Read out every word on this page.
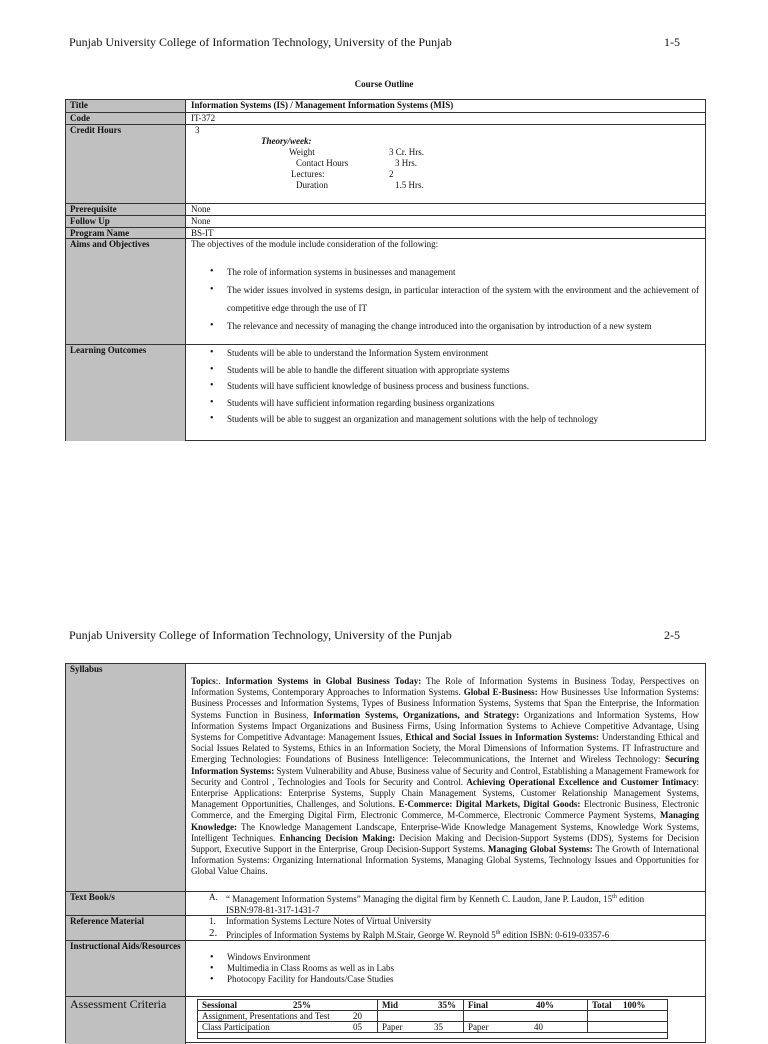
Punjab University College of Information Technology, University of the Punjab	1-5
Course Outline
Title	Information Systems (IS) / Management Information Systems (MIS)
Code	IT-372
Credit Hours	3
Theory/week:
Weight	3 Cr. Hrs.
Contact Hours	3 Hrs.
Lectures:	2
Duration	1.5 Hrs.
Prerequisite	None
Follow Up	None
Program Name	BS-IT
Aims and Objectives	The objectives of the module include consideration of the following:
• The role of information systems in businesses and management
• The wider issues involved in systems design, in particular interaction of the system with the environment and the achievement of competitive edge through the use of IT
• The relevance and necessity of managing the change introduced into the organisation by introduction of a new system
Learning Outcomes	• Students will be able to understand the Information System environment
• Students will be able to handle the different situation with appropriate systems
• Students will have sufficient knowledge of business process and business functions.
• Students will have sufficient information regarding business organizations
• Students will be able to suggest an organization and management solutions with the help of technology
Punjab University College of Information Technology, University of the Punjab	2-5
Syllabus
Topics:. Information Systems in Global Business Today: The Role of Information Systems in Business Today, Perspectives on Information Systems, Contemporary Approaches to Information Systems. Global E-Business: How Businesses Use Information Systems: Business Processes and Information Systems, Types of Business Information Systems, Systems that Span the Enterprise, the Information Systems Function in Business, Information Systems, Organizations, and Strategy: Organizations and Information Systems, How Information Systems Impact Organizations and Business Firms, Using Information Systems to Achieve Competitive Advantage, Using Systems for Competitive Advantage: Management Issues, Ethical and Social Issues in Information Systems: Understanding Ethical and Social Issues Related to Systems, Ethics in an Information Society, the Moral Dimensions of Information Systems. IT Infrastructure and Emerging Technologies: Foundations of Business Intelligence: Telecommunications, the Internet and Wireless Technology: Securing Information Systems: System Vulnerability and Abuse, Business value of Security and Control, Establishing a Management Framework for Security and Control , Technologies and Tools for Security and Control. Achieving Operational Excellence and Customer Intimacy: Enterprise Applications: Enterprise Systems, Supply Chain Management Systems, Customer Relationship Management Systems, Management Opportunities, Challenges, and Solutions. E-Commerce: Digital Markets, Digital Goods: Electronic Business, Electronic Commerce, and the Emerging Digital Firm, Electronic Commerce, M-Commerce, Electronic Commerce Payment Systems, Managing Knowledge: The Knowledge Management Landscape, Enterprise-Wide Knowledge Management Systems, Knowledge Work Systems, Intelligent Techniques. Enhancing Decision Making: Decision Making and Decision-Support Systems (DDS), Systems for Decision Support, Executive Support in the Enterprise, Group Decision-Support Systems. Managing Global Systems: The Growth of International Information Systems: Organizing International Information Systems, Managing Global Systems, Technology Issues and Opportunities for Global Value Chains.
Text Book/s	A. “ Management Information Systems” Managing the digital firm by Kenneth C. Laudon, Jane P. Laudon, 15th edition
ISBN:978-81-317-1431-7
Reference Material	1.	Information Systems Lecture Notes of Virtual University
2. Principles of Information Systems by Ralph M.Stair, George W. Reynold 5th edition ISBN: 0-619-03357-6
Instructional Aids/Resources
• Windows Environment
• Multimedia in Class Rooms as well as in Labs
• Photocopy Facility for Handouts/Case Studies
Assessment Criteria	Sessional	25%	Mid	35%	Final	40%	Total 100%
Assignment, Presentations and Test	20
Class Participation	05	Paper	35	Paper	40
